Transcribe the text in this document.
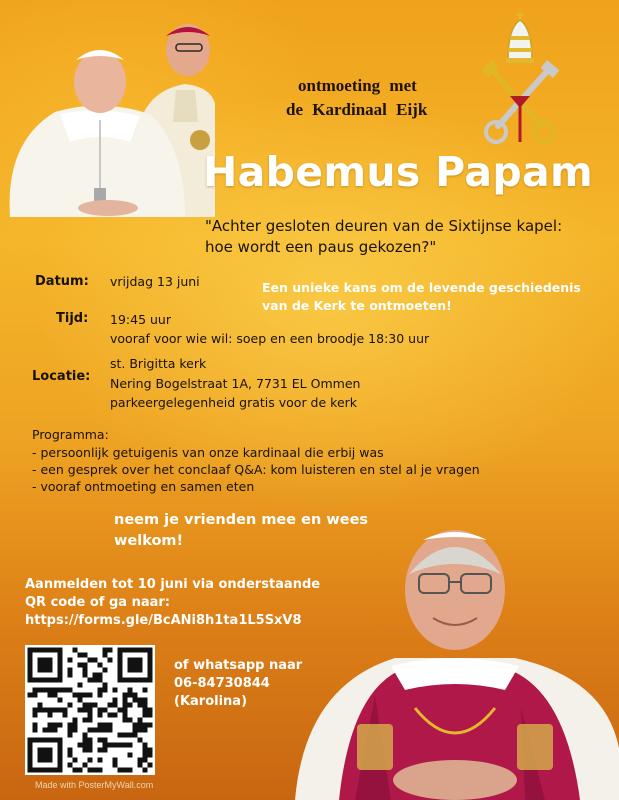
ontmoeting met
de Kardinaal Eijk
Habemus Papam
"Achter gesloten deuren van de Sixtijnse kapel:
hoe wordt een paus gekozen?"
Datum: vrijdag 13 juni
Tijd: 19:45 uur
vooraf voor wie wil: soep en een broodje 18:30 uur
Locatie:
st. Brigitta kerk
Nering Bogelstraat 1A, 7731 EL Ommen
parkeergelegenheid gratis voor de kerk
Een unieke kans om de levende geschiedenis
van de Kerk te ontmoeten!
Programma:
- persoonlijk getuigenis van onze kardinaal die erbij was
- een gesprek over het conclaaf Q&A: kom luisteren en stel al je vragen
- vooraf ontmoeting en samen eten
neem je vrienden mee en wees
welkom!
Aanmelden tot 10 juni via onderstaande
QR code of ga naar:
https://forms.gle/BcANi8h1ta1L5SxV8
of whatsapp naar
06-84730844
(Karolina)
Made with PosterMyWall.com
